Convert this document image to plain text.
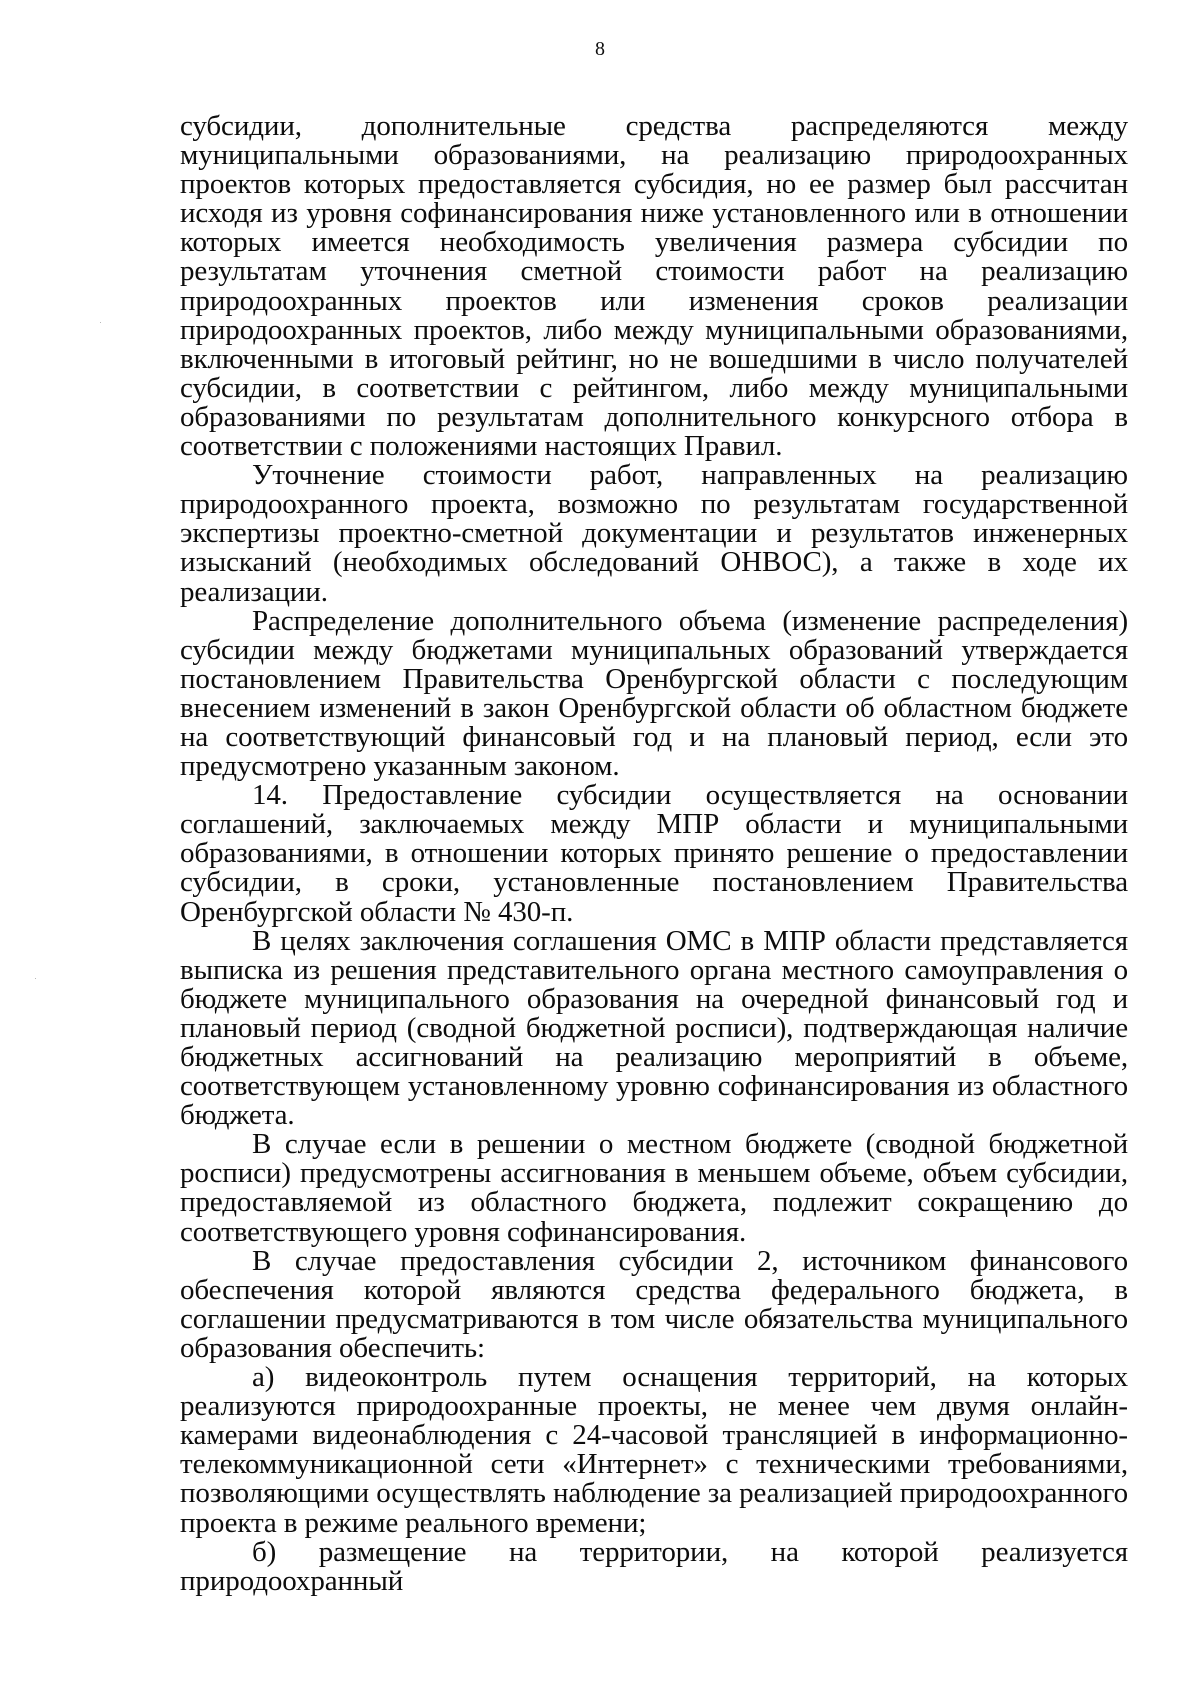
8

субсидии, дополнительные средства распределяются между муниципальными образованиями, на реализацию природоохранных проектов которых предоставляется субсидия, но ее размер был рассчитан исходя из уровня софинансирования ниже установленного или в отношении которых имеется необходимость увеличения размера субсидии по результатам уточнения сметной стоимости работ на реализацию природоохранных проектов или изменения сроков реализации природоохранных проектов, либо между муниципальными образованиями, включенными в итоговый рейтинг, но не вошедшими в число получателей субсидии, в соответствии с рейтингом, либо между муниципальными образованиями по результатам дополнительного конкурсного отбора в соответствии с положениями настоящих Правил.

Уточнение стоимости работ, направленных на реализацию природоохранного проекта, возможно по результатам государственной экспертизы проектно-сметной документации и результатов инженерных изысканий (необходимых обследований ОНВОС), а также в ходе их реализации.

Распределение дополнительного объема (изменение распределения) субсидии между бюджетами муниципальных образований утверждается постановлением Правительства Оренбургской области с последующим внесением изменений в закон Оренбургской области об областном бюджете на соответствующий финансовый год и на плановый период, если это предусмотрено указанным законом.

14. Предоставление субсидии осуществляется на основании соглашений, заключаемых между МПР области и муниципальными образованиями, в отношении которых принято решение о предоставлении субсидии, в сроки, установленные постановлением Правительства Оренбургской области № 430-п.

В целях заключения соглашения ОМС в МПР области представляется выписка из решения представительного органа местного самоуправления о бюджете муниципального образования на очередной финансовый год и плановый период (сводной бюджетной росписи), подтверждающая наличие бюджетных ассигнований на реализацию мероприятий в объеме, соответствующем установленному уровню софинансирования из областного бюджета.

В случае если в решении о местном бюджете (сводной бюджетной росписи) предусмотрены ассигнования в меньшем объеме, объем субсидии, предоставляемой из областного бюджета, подлежит сокращению до соответствующего уровня софинансирования.

В случае предоставления субсидии 2, источником финансового обеспечения которой являются средства федерального бюджета, в соглашении предусматриваются в том числе обязательства муниципального образования обеспечить:

а) видеоконтроль путем оснащения территорий, на которых реализуются природоохранные проекты, не менее чем двумя онлайн-камерами видеонаблюдения с 24-часовой трансляцией в информационно-телекоммуникационной сети «Интернет» с техническими требованиями, позволяющими осуществлять наблюдение за реализацией природоохранного проекта в режиме реального времени;

б) размещение на территории, на которой реализуется природоохранный
